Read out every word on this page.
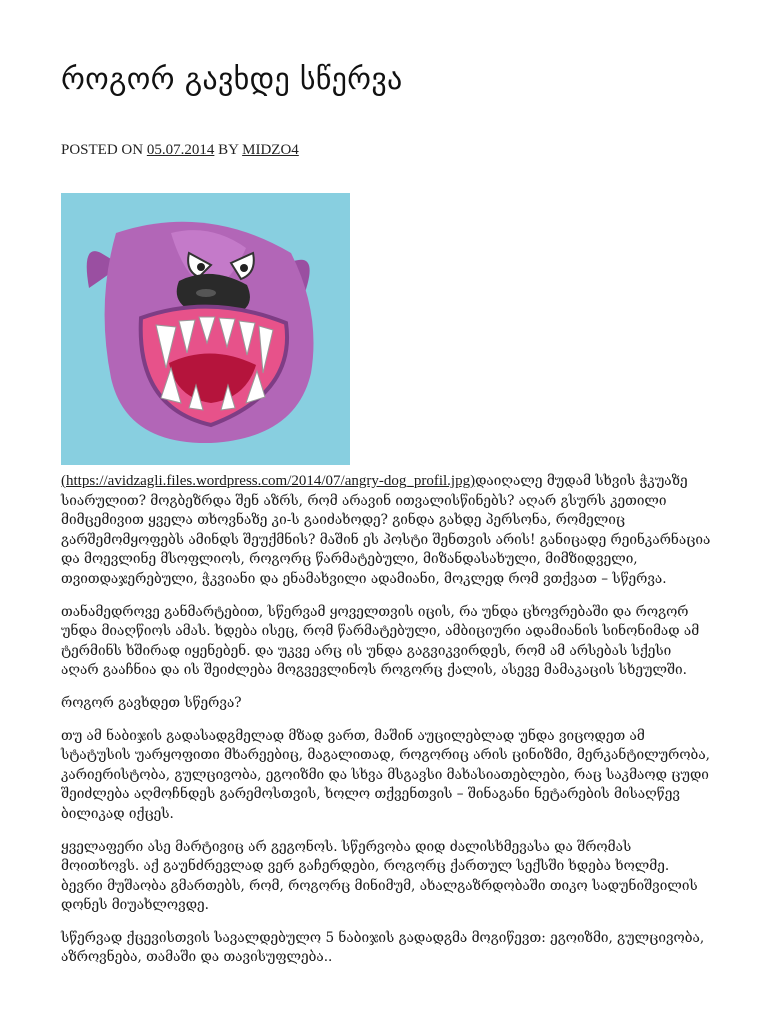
როგორ გავხდე სწერვა
POSTED ON 05.07.2014 BY MIDZO4

(https://avidzagli.files.wordpress.com/2014/07/angry-dog_profil.jpg)დაიღალე მუდამ სხვის ჭკუაზე სიარულით? მოგბეზრდა შენ აზრს, რომ არავინ ითვალისწინებს? აღარ გსურს კეთილი მიმცემივით ყველა თხოვნაზე კი-ს გაიძახოდე? გინდა გახდე პერსონა, რომელიც გარშემომყოფებს ამინდს შეუქმნის? მაშინ ეს პოსტი შენთვის არის! განიცადე რეინკარნაცია და მოევლინე მსოფლიოს, როგორც წარმატებული, მიზანდასახული, მიმზიდველი, თვითდაჯერებული, ჭკვიანი და ენამახვილი ადამიანი, მოკლედ რომ ვთქვათ – სწერვა.

თანამედროვე განმარტებით, სწერვამ ყოველთვის იცის, რა უნდა ცხოვრებაში და როგორ უნდა მიაღწიოს ამას. ხდება ისეც, რომ წარმატებული, ამბიციური ადამიანის სინონიმად ამ ტერმინს ხშირად იყენებენ. და უკვე არც ის უნდა გაგვიკვირდეს, რომ ამ არსებას სქესი აღარ გააჩნია და ის შეიძლება მოგვევლინოს როგორც ქალის, ასევე მამაკაცის სხეულში.

როგორ გავხდეთ სწერვა?

თუ ამ ნაბიჯის გადასადგმელად მზად ვართ, მაშინ აუცილებლად უნდა ვიცოდეთ ამ სტატუსის უარყოფითი მხარეებიც, მაგალითად, როგორიც არის ცინიზმი, მერკანტილურობა, კარიერისტობა, გულცივობა, ეგოიზმი და სხვა მსგავსი მახასიათებლები, რაც საკმაოდ ცუდი შეიძლება აღმოჩნდეს გარემოსთვის, ხოლო თქვენთვის – შინაგანი ნეტარების მისაღწევ ბილიკად იქცეს.

ყველაფერი ასე მარტივიც არ გეგონოს. სწერვობა დიდ ძალისხმევასა და შრომას მოითხოვს. აქ გაუნძრევლად ვერ გაჩერდები, როგორც ქართულ სექსში ხდება ხოლმე. ბევრი მუშაობა გმართებს, რომ, როგორც მინიმუმ, ახალგაზრდობაში თიკო სადუნიშვილის დონეს მიუახლოვდე.

სწერვად ქცევისთვის სავალდებულო 5 ნაბიჯის გადადგმა მოგიწევთ: ეგოიზმი, გულცივობა, აზროვნება, თამაში და თავისუფლება..
